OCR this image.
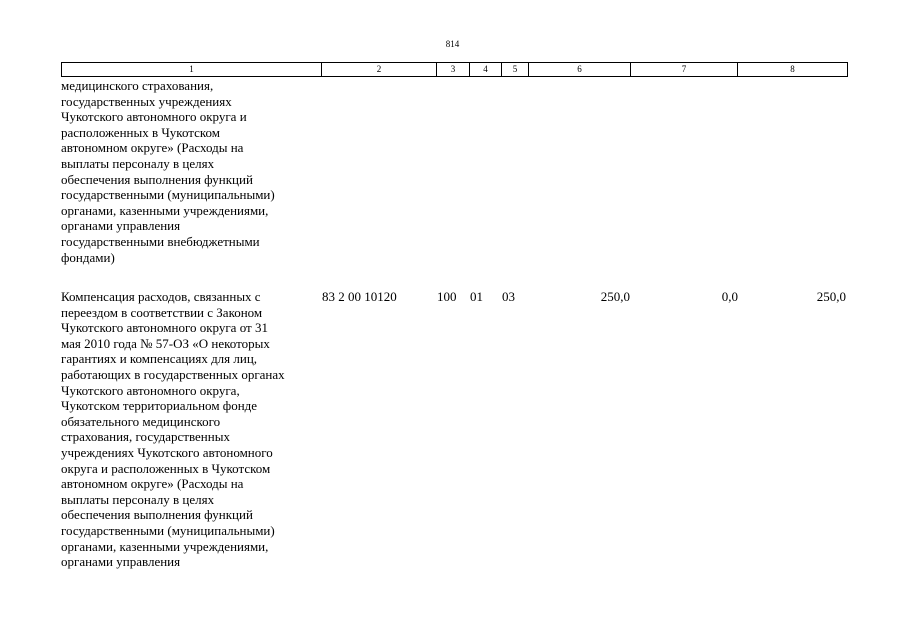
814
1	2	3	4	5	6	7	8
медицинского страхования,
государственных учреждениях
Чукотского автономного округа и
расположенных в Чукотском
автономном округе» (Расходы на
выплаты персоналу в целях
обеспечения выполнения функций
государственными (муниципальными)
органами, казенными учреждениями,
органами управления
государственными внебюджетными
фондами)
Компенсация расходов, связанных с
переездом в соответствии с Законом
Чукотского автономного округа от 31
мая 2010 года № 57-ОЗ «О некоторых
гарантиях и компенсациях для лиц,
работающих в государственных органах
Чукотского автономного округа,
Чукотском территориальном фонде
обязательного медицинского
страхования, государственных
учреждениях Чукотского автономного
округа и расположенных в Чукотском
автономном округе» (Расходы на
выплаты персоналу в целях
обеспечения выполнения функций
государственными (муниципальными)
органами, казенными учреждениями,
органами управления
83 2 00 10120	100 01 03	250,0	0,0	250,0
